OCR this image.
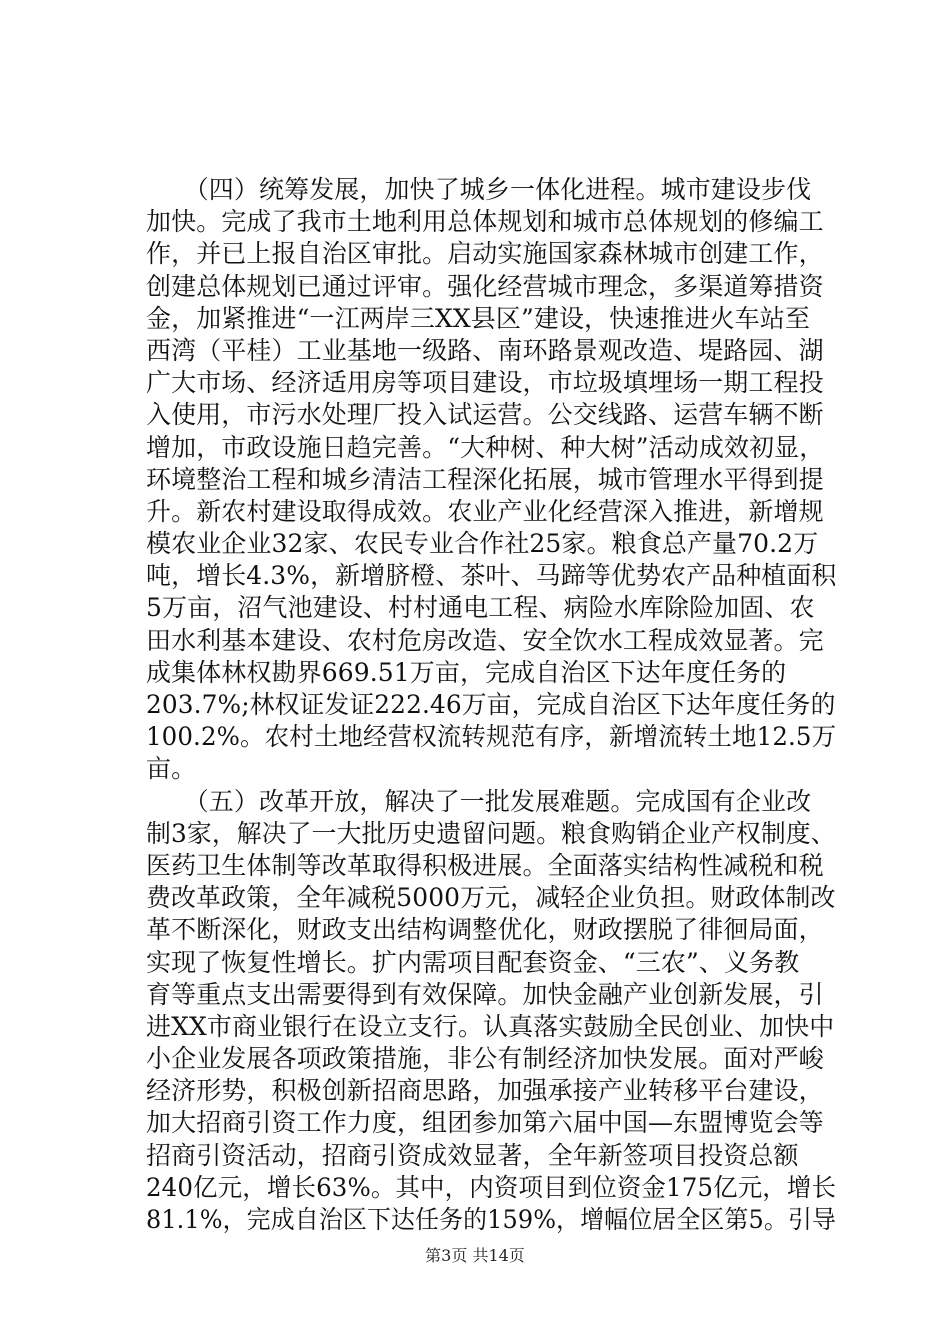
　　（四）统筹发展，加快了城乡一体化进程。城市建设步伐
加快。完成了我市土地利用总体规划和城市总体规划的修编工
作，并已上报自治区审批。启动实施国家森林城市创建工作，
创建总体规划已通过评审。强化经营城市理念，多渠道筹措资
金，加紧推进“一江两岸三XX县区”建设，快速推进火车站至
西湾（平桂）工业基地一级路、南环路景观改造、堤路园、湖
广大市场、经济适用房等项目建设，市垃圾填埋场一期工程投
入使用，市污水处理厂投入试运营。公交线路、运营车辆不断
增加，市政设施日趋完善。“大种树、种大树”活动成效初显，
环境整治工程和城乡清洁工程深化拓展，城市管理水平得到提
升。新农村建设取得成效。农业产业化经营深入推进，新增规
模农业企业32家、农民专业合作社25家。粮食总产量70.2万
吨，增长4.3%，新增脐橙、茶叶、马蹄等优势农产品种植面积
5万亩，沼气池建设、村村通电工程、病险水库除险加固、农
田水利基本建设、农村危房改造、安全饮水工程成效显著。完
成集体林权勘界669.51万亩，完成自治区下达年度任务的
203.7%;林权证发证222.46万亩，完成自治区下达年度任务的
100.2%。农村土地经营权流转规范有序，新增流转土地12.5万
亩。
　　（五）改革开放，解决了一批发展难题。完成国有企业改
制3家，解决了一大批历史遗留问题。粮食购销企业产权制度、
医药卫生体制等改革取得积极进展。全面落实结构性减税和税
费改革政策，全年减税5000万元，减轻企业负担。财政体制改
革不断深化，财政支出结构调整优化，财政摆脱了徘徊局面，
实现了恢复性增长。扩内需项目配套资金、“三农”、义务教
育等重点支出需要得到有效保障。加快金融产业创新发展，引
进XX市商业银行在设立支行。认真落实鼓励全民创业、加快中
小企业发展各项政策措施，非公有制经济加快发展。面对严峻
经济形势，积极创新招商思路，加强承接产业转移平台建设，
加大招商引资工作力度，组团参加第六届中国—东盟博览会等
招商引资活动，招商引资成效显著，全年新签项目投资总额
240亿元，增长63%。其中，内资项目到位资金175亿元，增长
81.1%，完成自治区下达任务的159%，增幅位居全区第5。引导
第3页 共14页
